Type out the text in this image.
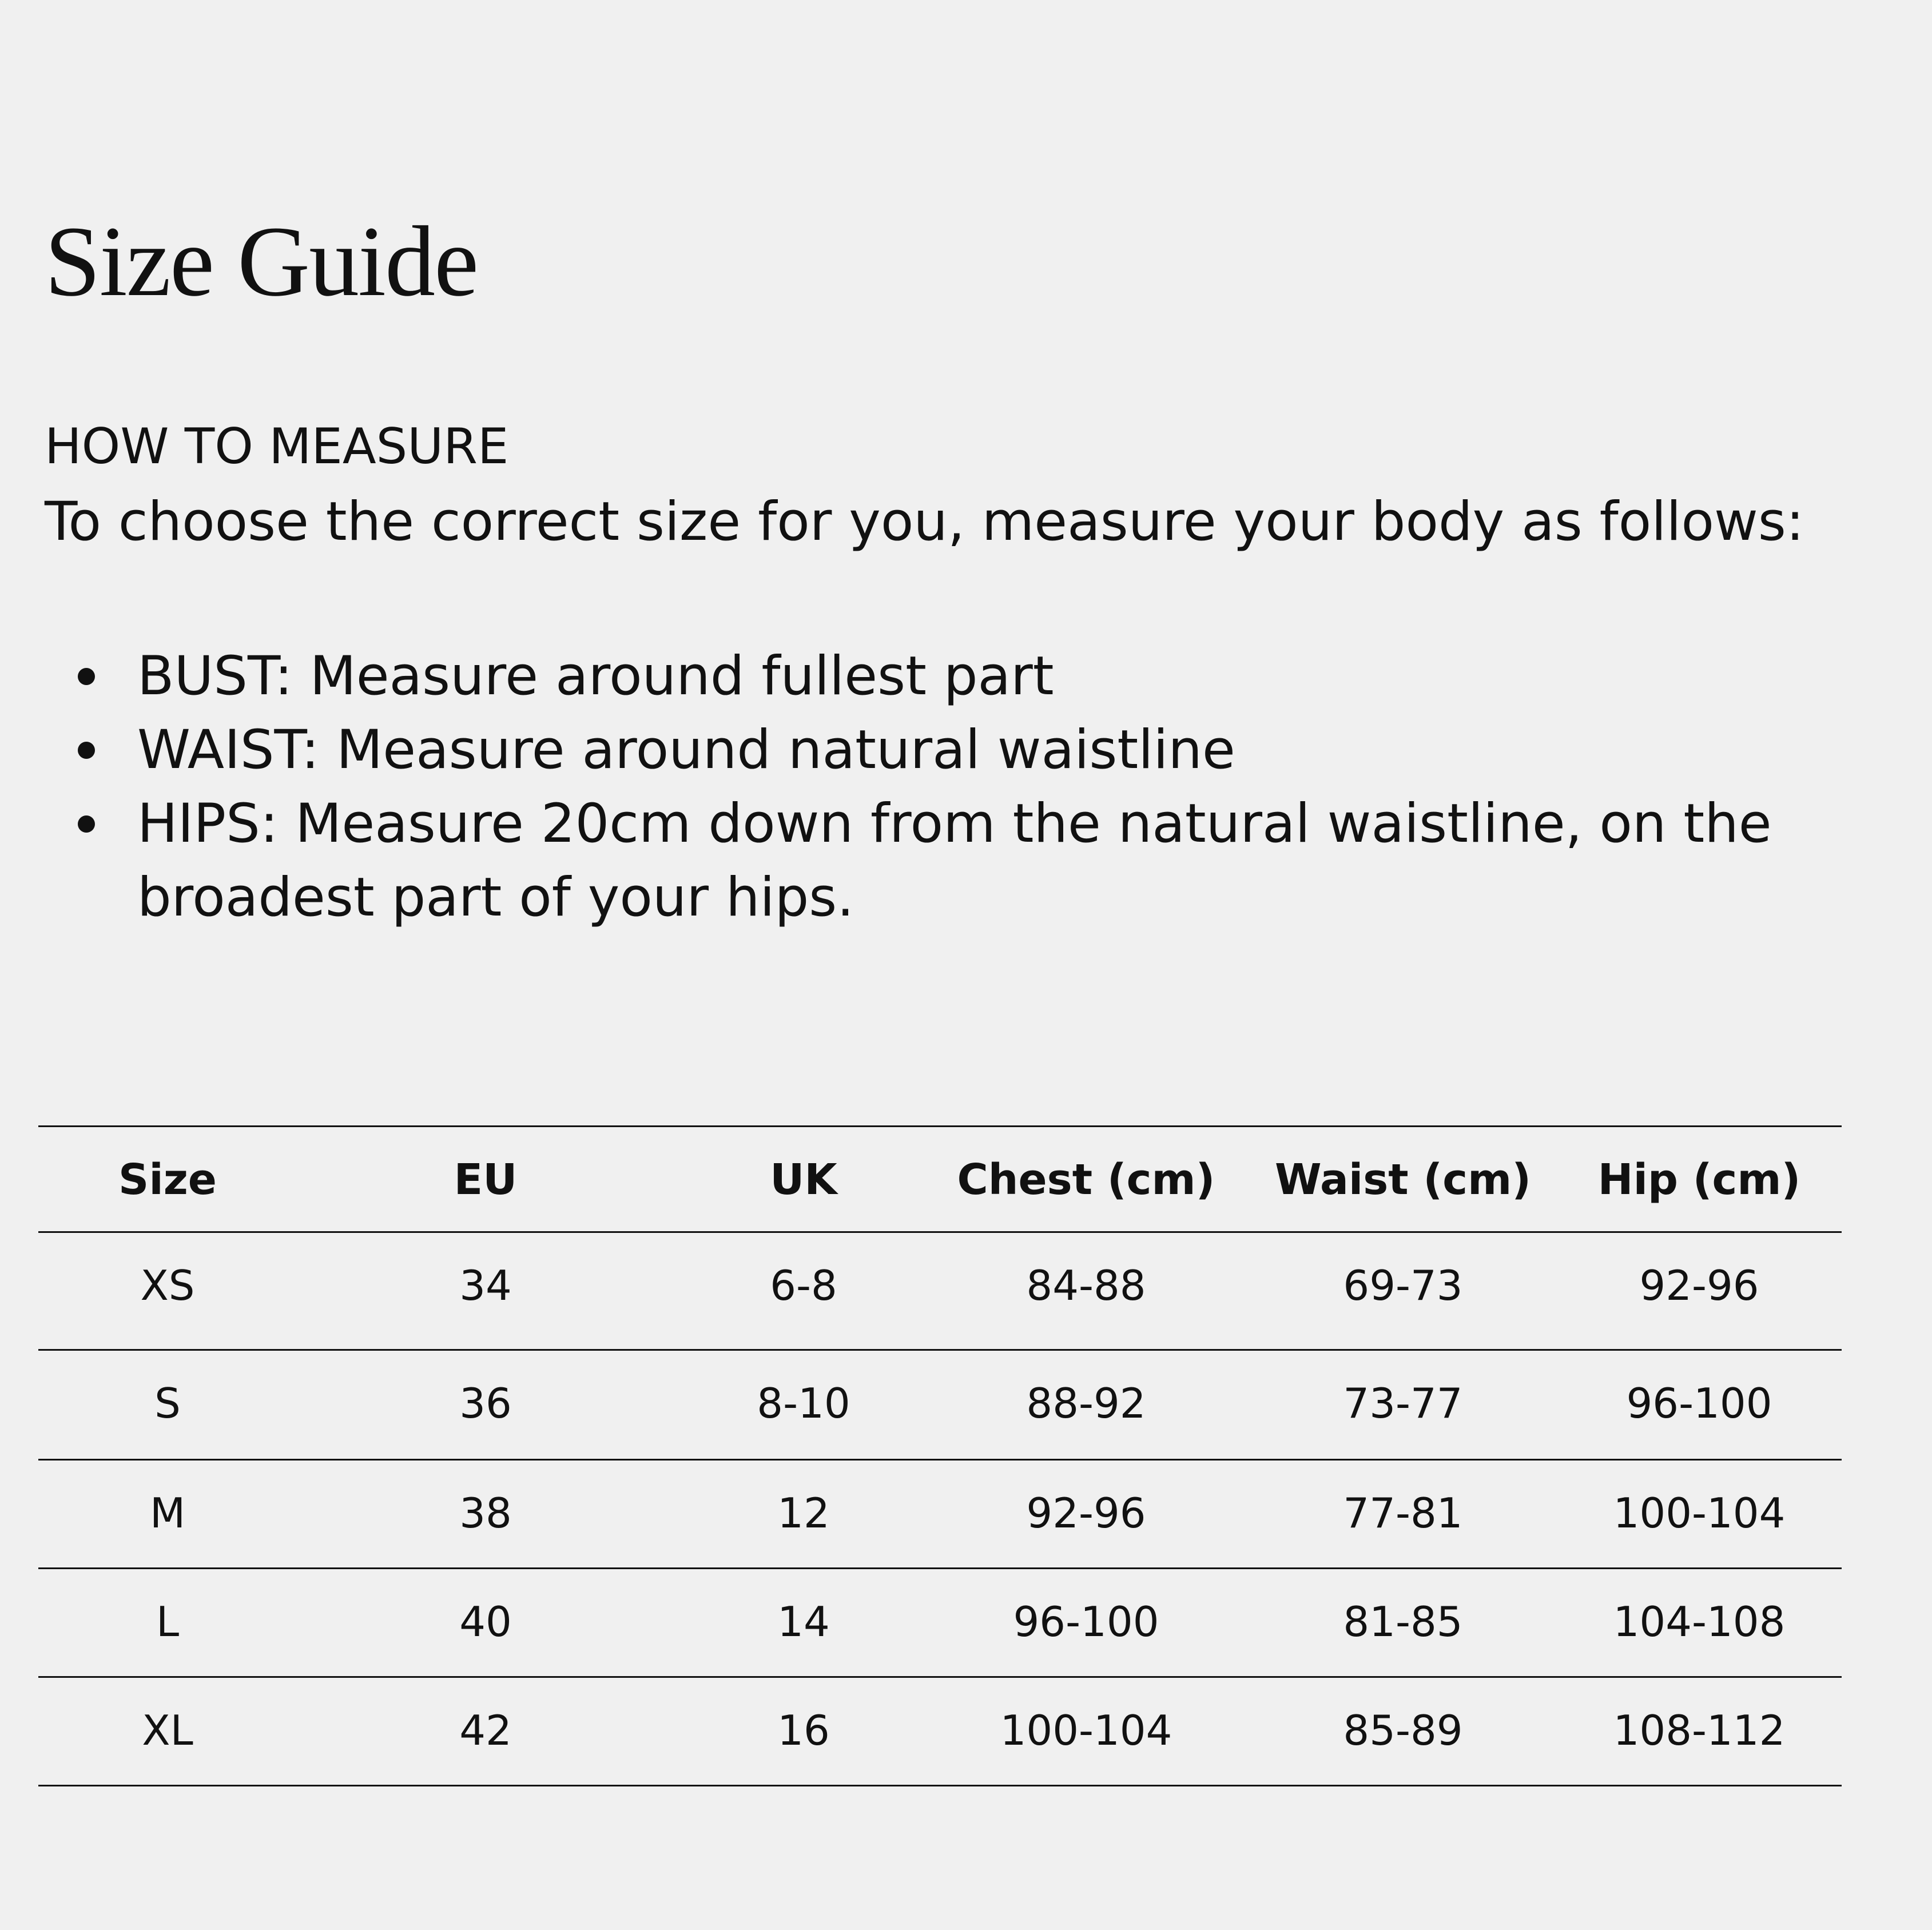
Size Guide
HOW TO MEASURE

To choose the correct size for you, measure your body as follows:

BUST: Measure around fullest part
WAIST: Measure around natural waistline
HIPS: Measure 20cm down from the natural waistline, on the broadest part of your hips.
Size	EU	UK	Chest (cm)	Waist (cm)	Hip (cm)
XS	34	6-8	84-88	69-73	92-96
S	36	8-10	88-92	73-77	96-100
M	38	12	92-96	77-81	100-104
L	40	14	96-100	81-85	104-108
XL	42	16	100-104	85-89	108-112
